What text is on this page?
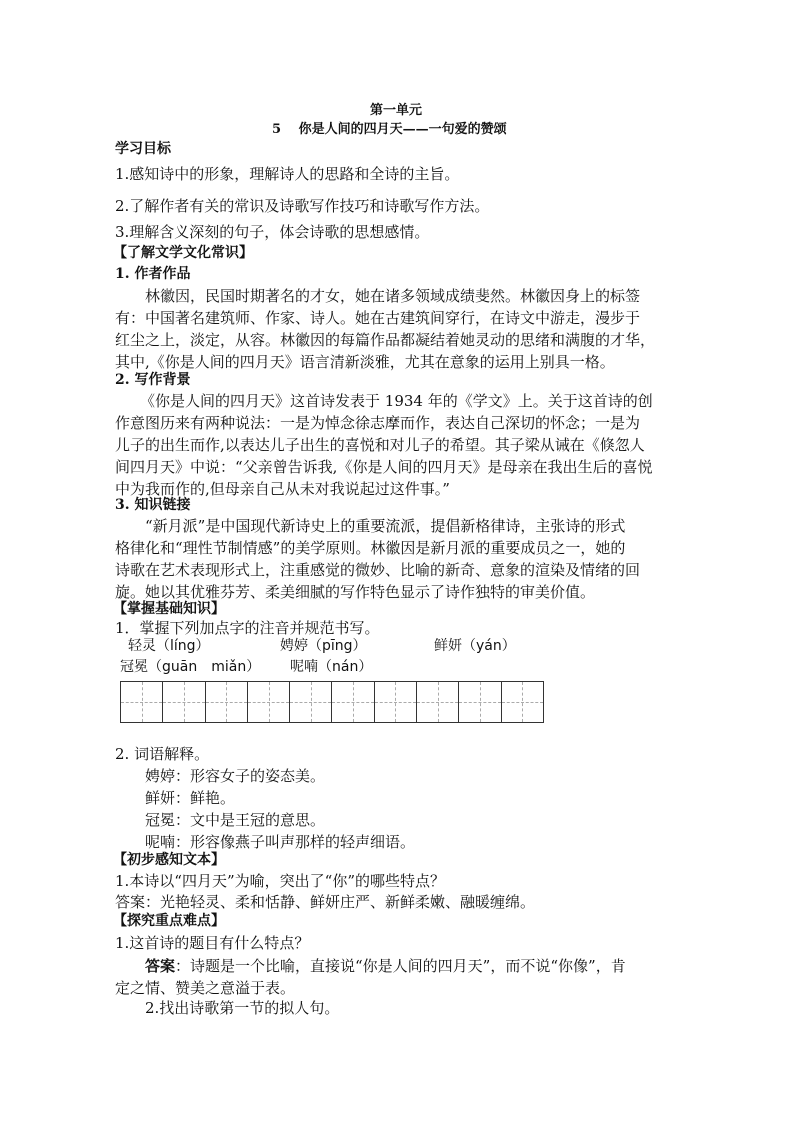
第一单元
5　 你是人间的四月天——一句爱的赞颂
学习目标
1.感知诗中的形象，理解诗人的思路和全诗的主旨。
2.了解作者有关的常识及诗歌写作技巧和诗歌写作方法。
3.理解含义深刻的句子，体会诗歌的思想感情。
【了解文学文化常识】
1. 作者作品
林徽因，民国时期著名的才女，她在诸多领域成绩斐然。林徽因身上的标签
有：中国著名建筑师、作家、诗人。她在古建筑间穿行，在诗文中游走，漫步于
红尘之上，淡定，从容。林徽因的每篇作品都凝结着她灵动的思绪和满腹的才华，
其中,《你是人间的四月天》语言清新淡雅，尤其在意象的运用上别具一格。
2. 写作背景
《你是人间的四月天》这首诗发表于 1934 年的《学文》上。关于这首诗的创
作意图历来有两种说法：一是为悼念徐志摩而作，表达自己深切的怀念；一是为
儿子的出生而作,以表达儿子出生的喜悦和对儿子的希望。其子梁从诫在《倏忽人
间四月天》中说：“父亲曾告诉我,《你是人间的四月天》是母亲在我出生后的喜悦
中为我而作的,但母亲自己从未对我说起过这件事。”
3. 知识链接
“新月派”是中国现代新诗史上的重要流派，提倡新格律诗，主张诗的形式
格律化和“理性节制情感”的美学原则。林徽因是新月派的重要成员之一，她的
诗歌在艺术表现形式上，注重感觉的微妙、比喻的新奇、意象的渲染及情绪的回
旋。她以其优雅芬芳、柔美细腻的写作特色显示了诗作独特的审美价值。
【掌握基础知识】
1．掌握下列加点字的注音并规范书写。
轻灵（líng）	娉婷（pīng）	鲜妍（yán）
冠冕（guān　miǎn） 呢喃（nán）
2. 词语解释。
娉婷：形容女子的姿态美。
鲜妍：鲜艳。
冠冕：文中是王冠的意思。
呢喃：形容像燕子叫声那样的轻声细语。
【初步感知文本】
1.本诗以“四月天”为喻，突出了“你”的哪些特点？
答案：光艳轻灵、柔和恬静、鲜妍庄严、新鲜柔嫩、融暖缠绵。
【探究重点难点】
1.这首诗的题目有什么特点？
答案：诗题是一个比喻，直接说“你是人间的四月天”，而不说“你像”，肯
定之情、赞美之意溢于表。
2.找出诗歌第一节的拟人句。
